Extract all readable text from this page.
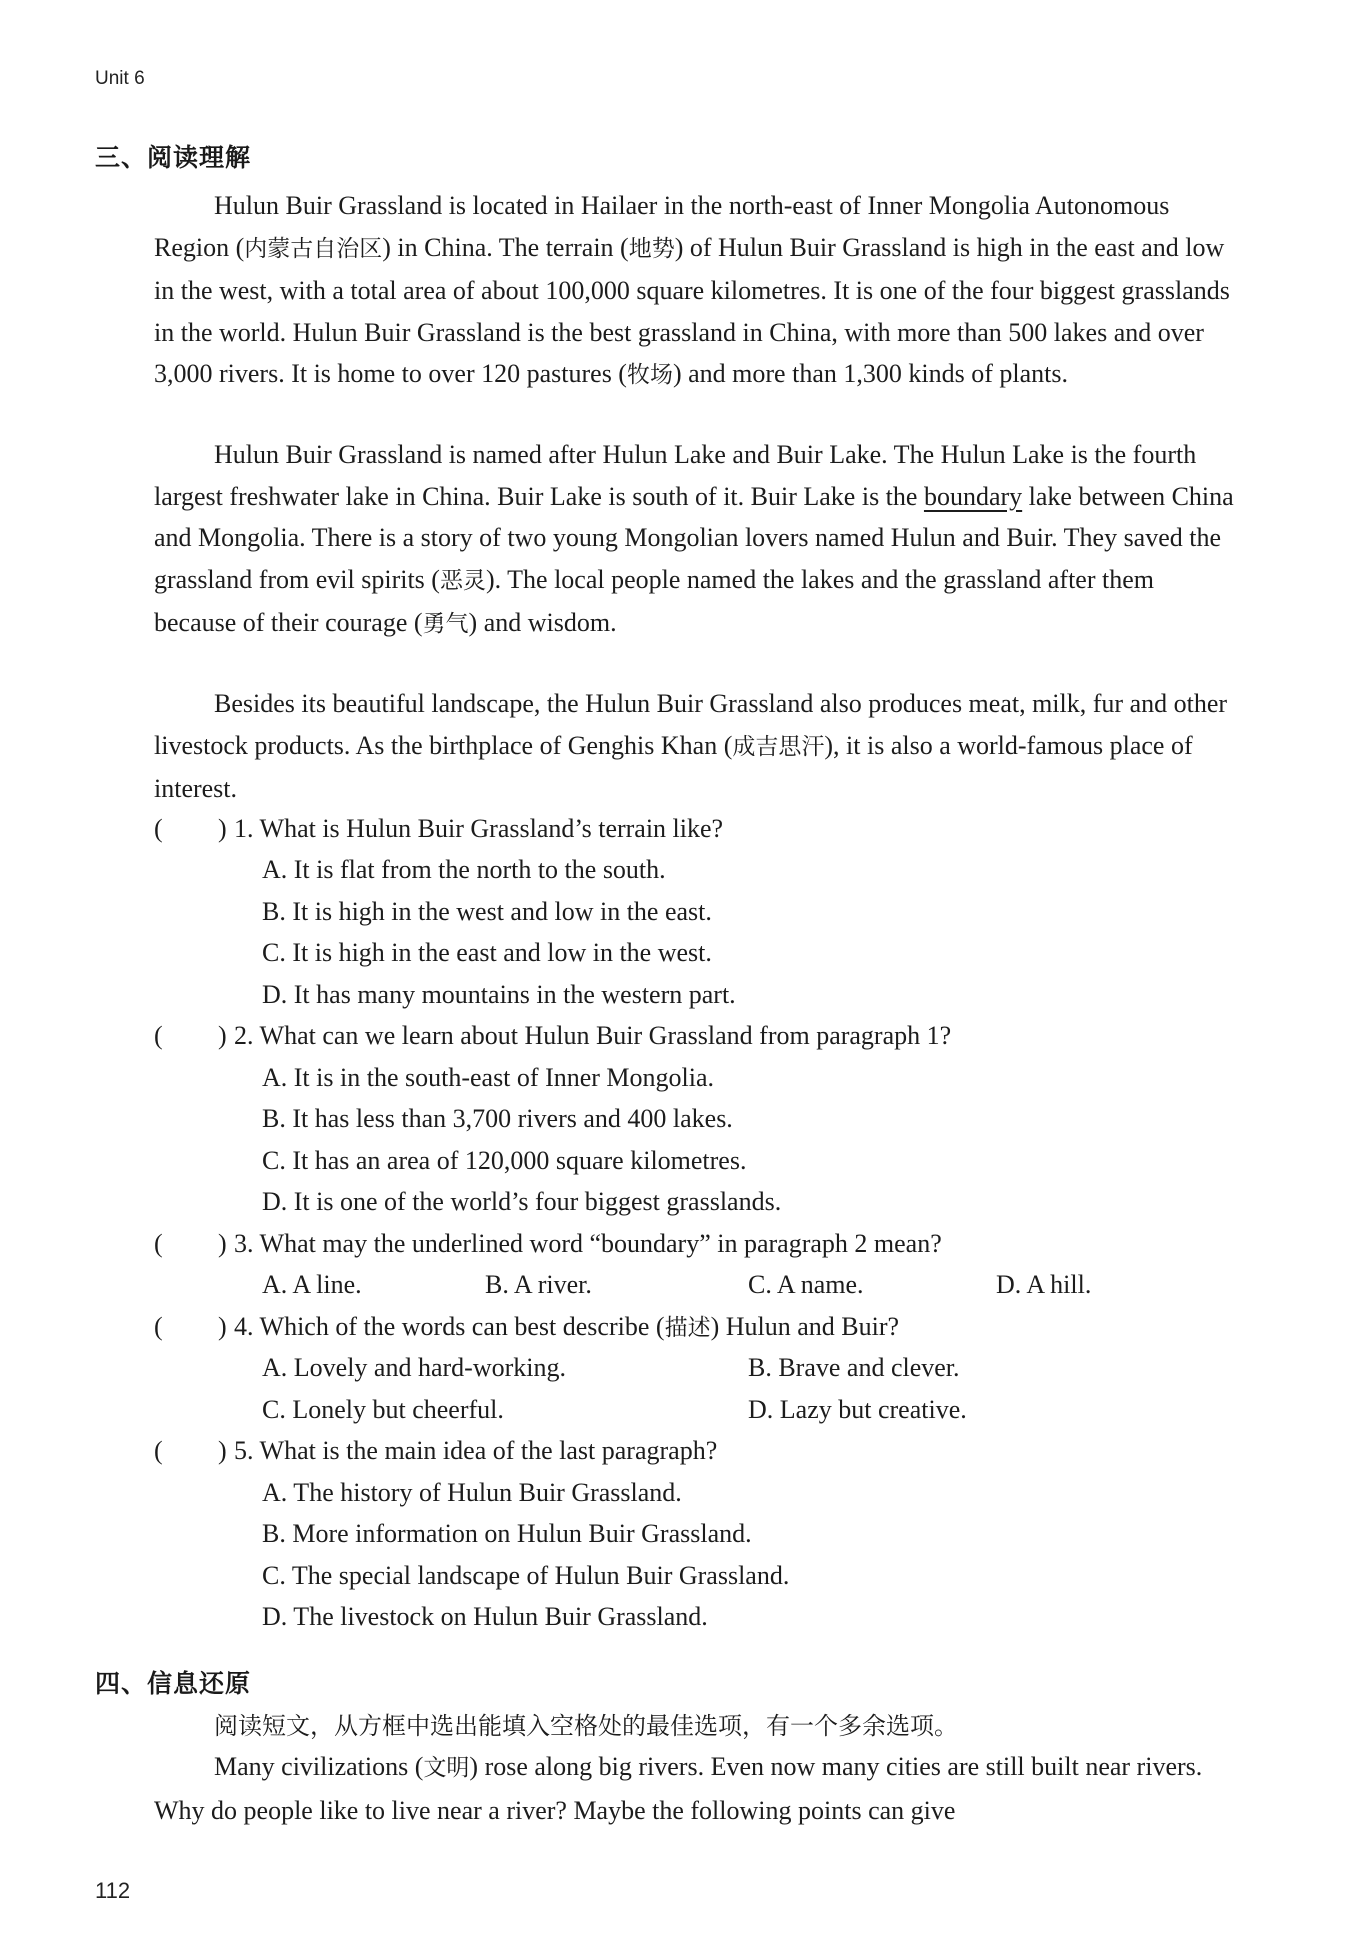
Unit 6
三、阅读理解

Hulun Buir Grassland is located in Hailaer in the north-east of Inner Mongolia Autonomous Region (内蒙古自治区) in China. The terrain (地势) of Hulun Buir Grassland is high in the east and low in the west, with a total area of about 100,000 square kilometres. It is one of the four biggest grasslands in the world. Hulun Buir Grassland is the best grassland in China, with more than 500 lakes and over 3,000 rivers. It is home to over 120 pastures (牧场) and more than 1,300 kinds of plants.

Hulun Buir Grassland is named after Hulun Lake and Buir Lake. The Hulun Lake is the fourth largest freshwater lake in China. Buir Lake is south of it. Buir Lake is the boundary lake between China and Mongolia. There is a story of two young Mongolian lovers named Hulun and Buir. They saved the grassland from evil spirits (恶灵). The local people named the lakes and the grassland after them because of their courage (勇气) and wisdom.

Besides its beautiful landscape, the Hulun Buir Grassland also produces meat, milk, fur and other livestock products. As the birthplace of Genghis Khan (成吉思汗), it is also a world-famous place of interest.

( ) 1. What is Hulun Buir Grassland’s terrain like?
A. It is flat from the north to the south.
B. It is high in the west and low in the east.
C. It is high in the east and low in the west.
D. It has many mountains in the western part.
( ) 2. What can we learn about Hulun Buir Grassland from paragraph 1?
A. It is in the south-east of Inner Mongolia.
B. It has less than 3,700 rivers and 400 lakes.
C. It has an area of 120,000 square kilometres.
D. It is one of the world’s four biggest grasslands.
( ) 3. What may the underlined word “boundary” in paragraph 2 mean?
A. A line.	B. A river.	C. A name.	D. A hill.
( ) 4. Which of the words can best describe (描述) Hulun and Buir?
A. Lovely and hard-working.	B. Brave and clever.
C. Lonely but cheerful.	D. Lazy but creative.
( ) 5. What is the main idea of the last paragraph?
A. The history of Hulun Buir Grassland.
B. More information on Hulun Buir Grassland.
C. The special landscape of Hulun Buir Grassland.
D. The livestock on Hulun Buir Grassland.
四、信息还原
阅读短文，从方框中选出能填入空格处的最佳选项，有一个多余选项。

Many civilizations (文明) rose along big rivers. Even now many cities are still built near rivers. Why do people like to live near a river? Maybe the following points can give

112
